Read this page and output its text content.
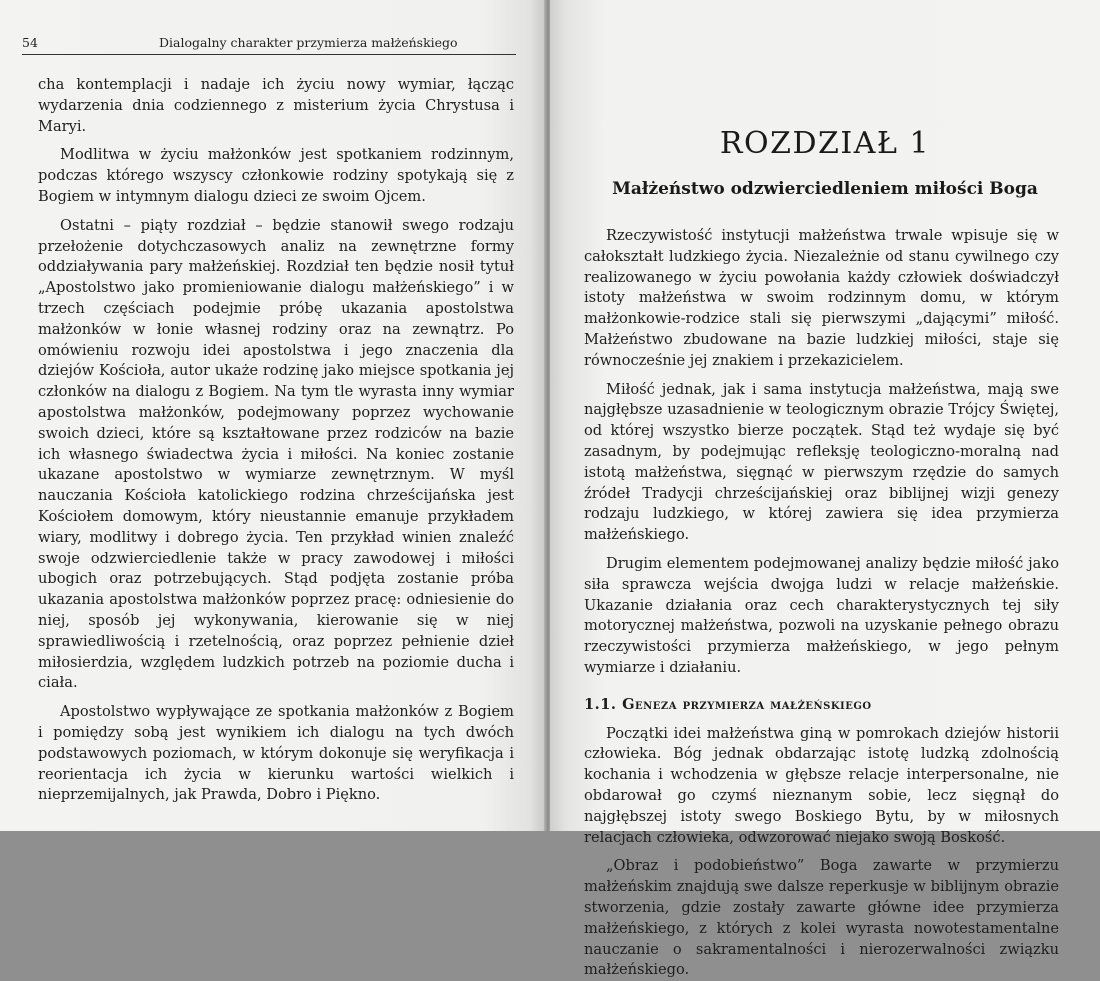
54	Dialogalny charakter przymierza małżeńskiego

cha kontemplacji i nadaje ich życiu nowy wymiar, łącząc wydarzenia dnia codziennego z misterium życia Chrystusa i Maryi.

Modlitwa w życiu małżonków jest spotkaniem rodzinnym, podczas którego wszyscy członkowie rodziny spotykają się z Bogiem w intymnym dialogu dzieci ze swoim Ojcem.

Ostatni – piąty rozdział – będzie stanowił swego rodzaju przełożenie dotychczasowych analiz na zewnętrzne formy oddziaływania pary małżeńskiej. Rozdział ten będzie nosił tytuł „Apostolstwo jako promieniowanie dialogu małżeńskiego” i w trzech częściach podejmie próbę ukazania apostolstwa małżonków w łonie własnej rodziny oraz na zewnątrz. Po omówieniu rozwoju idei apostolstwa i jego znaczenia dla dziejów Kościoła, autor ukaże rodzinę jako miejsce spotkania jej członków na dialogu z Bogiem. Na tym tle wyrasta inny wymiar apostolstwa małżonków, podejmowany poprzez wychowanie swoich dzieci, które są kształtowane przez rodziców na bazie ich własnego świadectwa życia i miłości. Na koniec zostanie ukazane apostolstwo w wymiarze zewnętrznym. W myśl nauczania Kościoła katolickiego rodzina chrześcijańska jest Kościołem domowym, który nieustannie emanuje przykładem wiary, modlitwy i dobrego życia. Ten przykład winien znaleźć swoje odzwierciedlenie także w pracy zawodowej i miłości ubogich oraz potrzebujących. Stąd podjęta zostanie próba ukazania apostolstwa małżonków poprzez pracę: odniesienie do niej, sposób jej wykonywania, kierowanie się w niej sprawiedliwością i rzetelnością, oraz poprzez pełnienie dzieł miłosierdzia, względem ludzkich potrzeb na poziomie ducha i ciała.

Apostolstwo wypływające ze spotkania małżonków z Bogiem i pomiędzy sobą jest wynikiem ich dialogu na tych dwóch podstawowych poziomach, w którym dokonuje się weryfikacja i reorientacja ich życia w kierunku wartości wielkich i nieprzemijalnych, jak Prawda, Dobro i Piękno.

ROZDZIAŁ 1
Małżeństwo odzwierciedleniem miłości Boga

Rzeczywistość instytucji małżeństwa trwale wpisuje się w całokształt ludzkiego życia. Niezależnie od stanu cywilnego czy realizowanego w życiu powołania każdy człowiek doświadczył istoty małżeństwa w swoim rodzinnym domu, w którym małżonkowie-rodzice stali się pierwszymi „dającymi” miłość. Małżeństwo zbudowane na bazie ludzkiej miłości, staje się równocześnie jej znakiem i przekazicielem.

Miłość jednak, jak i sama instytucja małżeństwa, mają swe najgłębsze uzasadnienie w teologicznym obrazie Trójcy Świętej, od której wszystko bierze początek. Stąd też wydaje się być zasadnym, by podejmując refleksję teologiczno-moralną nad istotą małżeństwa, sięgnąć w pierwszym rzędzie do samych źródeł Tradycji chrześcijańskiej oraz biblijnej wizji genezy rodzaju ludzkiego, w której zawiera się idea przymierza małżeńskiego.

Drugim elementem podejmowanej analizy będzie miłość jako siła sprawcza wejścia dwojga ludzi w relacje małżeńskie. Ukazanie działania oraz cech charakterystycznych tej siły motorycznej małżeństwa, pozwoli na uzyskanie pełnego obrazu rzeczywistości przymierza małżeńskiego, w jego pełnym wymiarze i działaniu.

1.1. Geneza przymierza małżeńskiego

Początki idei małżeństwa giną w pomrokach dziejów historii człowieka. Bóg jednak obdarzając istotę ludzką zdolnością kochania i wchodzenia w głębsze relacje interpersonalne, nie obdarował go czymś nieznanym sobie, lecz sięgnął do najgłębszej istoty swego Boskiego Bytu, by w miłosnych relacjach człowieka, odwzorować niejako swoją Boskość.

„Obraz i podobieństwo” Boga zawarte w przymierzu małżeńskim znajdują swe dalsze reperkusje w biblijnym obrazie stworzenia, gdzie zostały zawarte główne idee przymierza małżeńskiego, z których z kolei wyrasta nowotestamentalne nauczanie o sakramentalności i nierozerwalności związku małżeńskiego.
